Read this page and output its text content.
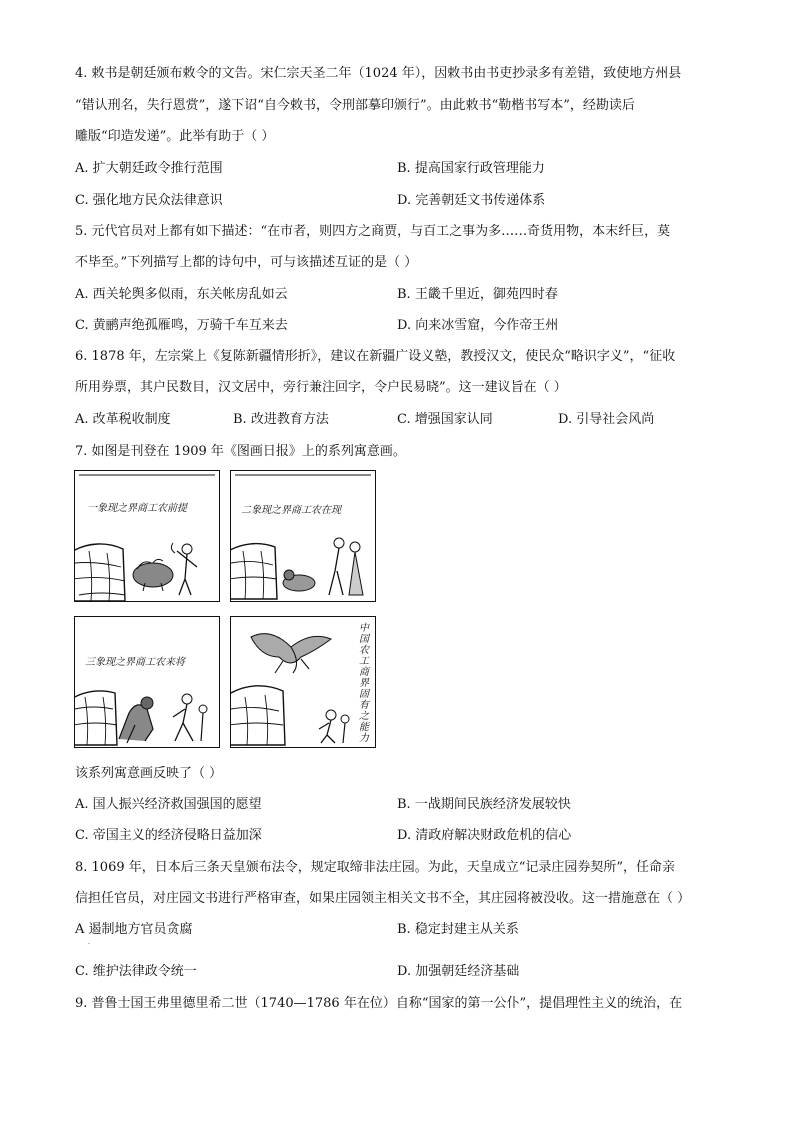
4. 敕书是朝廷颁布敕令的文告。宋仁宗天圣二年（1024 年），因敕书由书吏抄录多有差错，致使地方州县
“错认刑名，失行恩赏”，遂下诏“自今敕书，令刑部摹印颁行”。由此敕书“勒楷书写本”，经勘读后
雕版“印造发递”。此举有助于（ ）
A. 扩大朝廷政令推行范围	B. 提高国家行政管理能力
C. 强化地方民众法律意识	D. 完善朝廷文书传递体系
5. 元代官员对上都有如下描述：“在市者，则四方之商贾，与百工之事为多……奇货用物，本末纤巨，莫
不毕至。”下列描写上都的诗句中，可与该描述互证的是（ ）
A. 西关轮舆多似雨，东关帐房乱如云	B. 王畿千里近，御苑四时春
C. 黄鹂声绝孤雁鸣，万骑千车互来去	D. 向来冰雪窟，今作帝王州
6. 1878 年，左宗棠上《复陈新疆情形折》，建议在新疆广设义塾，教授汉文，使民众“略识字义”，“征收
所用券票，其户民数目，汉文居中，旁行兼注回字，令户民易晓”。这一建议旨在（ ）
A. 改革税收制度	B. 改进教育方法	C. 增强国家认同	D. 引导社会风尚
7. 如图是刊登在 1909 年《图画日报》上的系列寓意画。
一象现之界商工农前提	二象现之界商工农在现
三象现之界商工农来将
中国农工商界固有之能力
该系列寓意画反映了（ ）
A. 国人振兴经济救国强国的愿望	B. 一战期间民族经济发展较快
C. 帝国主义的经济侵略日益加深	D. 清政府解决财政危机的信心
8. 1069 年，日本后三条天皇颁布法令，规定取缔非法庄园。为此，天皇成立“记录庄园券契所”，任命亲
信担任官员，对庄园文书进行严格审查，如果庄园领主相关文书不全，其庄园将被没收。这一措施意在（ ）
A 遏制地方官员贪腐	B. 稳定封建主从关系
·
C. 维护法律政令统一	D. 加强朝廷经济基础
9. 普鲁士国王弗里德里希二世（1740—1786 年在位）自称“国家的第一公仆”，提倡理性主义的统治，在
